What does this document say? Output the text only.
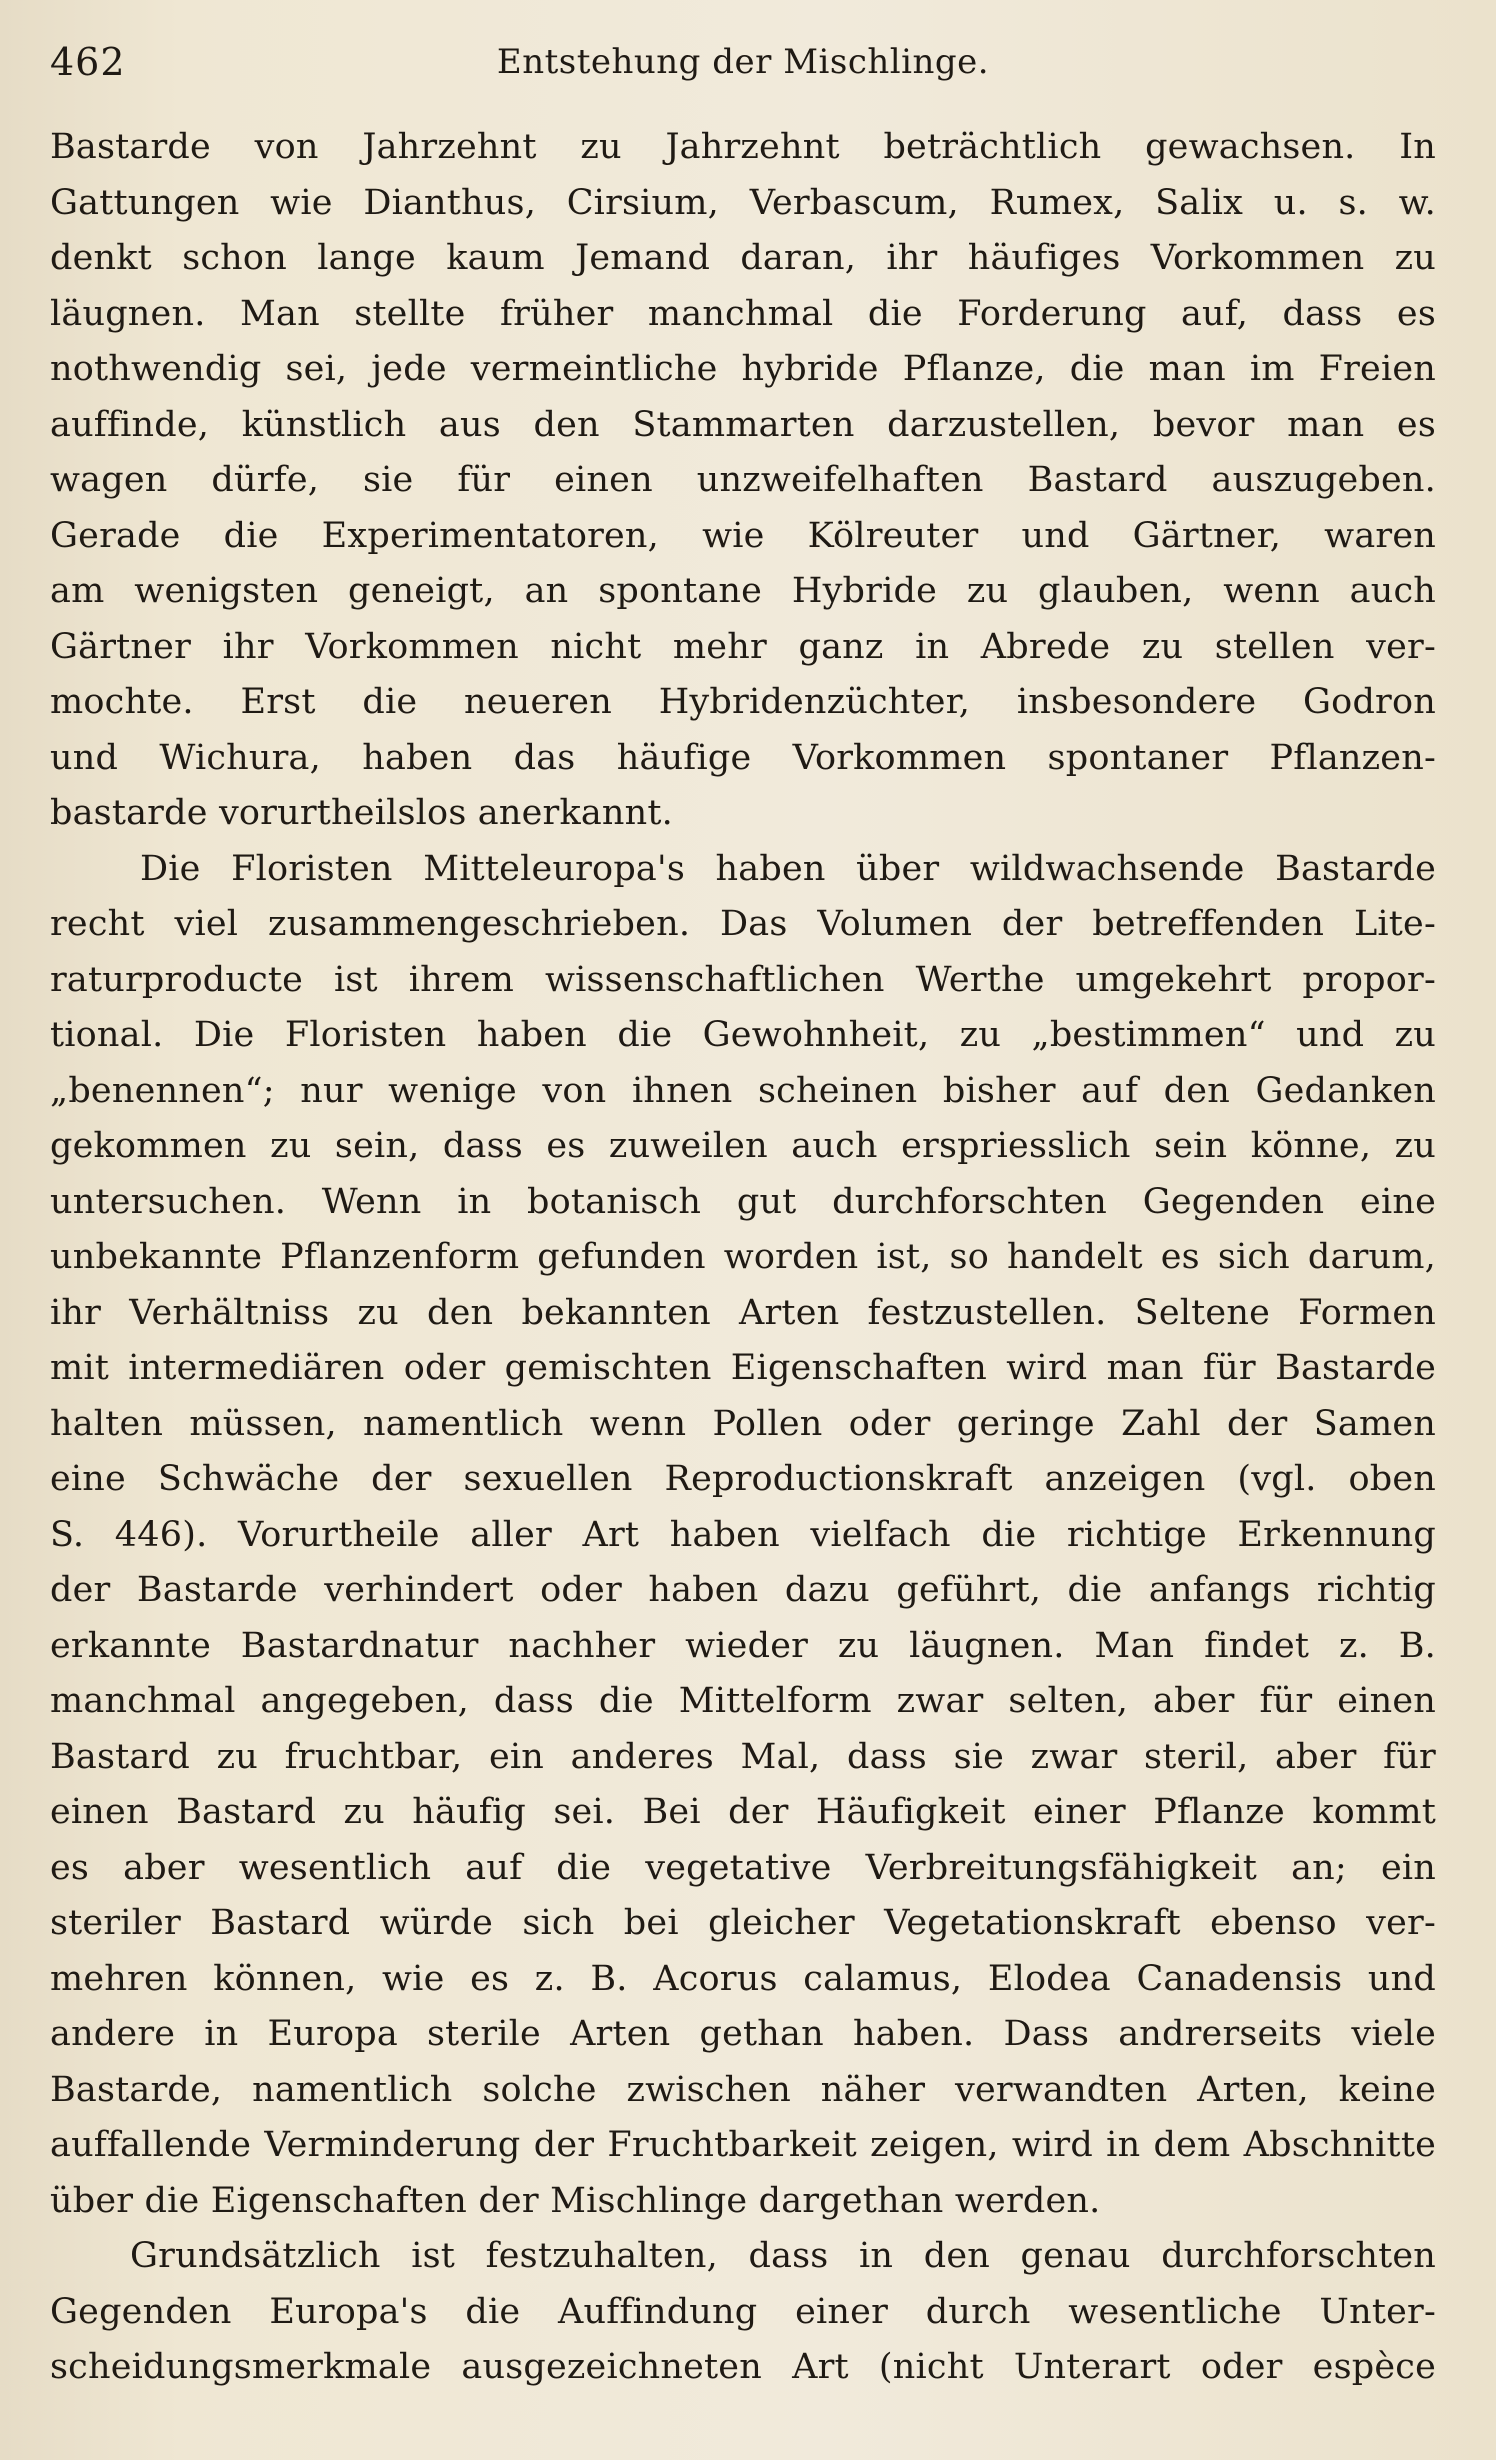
462	Entstehung der Mischlinge.
Bastarde von Jahrzehnt zu Jahrzehnt beträchtlich gewachsen. In
Gattungen wie Dianthus, Cirsium, Verbascum, Rumex, Salix u. s. w.
denkt schon lange kaum Jemand daran, ihr häufiges Vorkommen zu
läugnen. Man stellte früher manchmal die Forderung auf, dass es
nothwendig sei, jede vermeintliche hybride Pflanze, die man im Freien
auffinde, künstlich aus den Stammarten darzustellen, bevor man es
wagen dürfe, sie für einen unzweifelhaften Bastard auszugeben.
Gerade die Experimentatoren, wie Kölreuter und Gärtner, waren
am wenigsten geneigt, an spontane Hybride zu glauben, wenn auch
Gärtner ihr Vorkommen nicht mehr ganz in Abrede zu stellen ver-
mochte. Erst die neueren Hybridenzüchter, insbesondere Godron
und Wichura, haben das häufige Vorkommen spontaner Pflanzen-
bastarde vorurtheilslos anerkannt.
Die Floristen Mitteleuropa's haben über wildwachsende Bastarde
recht viel zusammengeschrieben. Das Volumen der betreffenden Lite-
raturproducte ist ihrem wissenschaftlichen Werthe umgekehrt propor-
tional. Die Floristen haben die Gewohnheit, zu „bestimmen“ und zu
„benennen“; nur wenige von ihnen scheinen bisher auf den Gedanken
gekommen zu sein, dass es zuweilen auch erspriesslich sein könne, zu
untersuchen. Wenn in botanisch gut durchforschten Gegenden eine
unbekannte Pflanzenform gefunden worden ist, so handelt es sich darum,
ihr Verhältniss zu den bekannten Arten festzustellen. Seltene Formen
mit intermediären oder gemischten Eigenschaften wird man für Bastarde
halten müssen, namentlich wenn Pollen oder geringe Zahl der Samen
eine Schwäche der sexuellen Reproductionskraft anzeigen (vgl. oben
S. 446). Vorurtheile aller Art haben vielfach die richtige Erkennung
der Bastarde verhindert oder haben dazu geführt, die anfangs richtig
erkannte Bastardnatur nachher wieder zu läugnen. Man findet z. B.
manchmal angegeben, dass die Mittelform zwar selten, aber für einen
Bastard zu fruchtbar, ein anderes Mal, dass sie zwar steril, aber für
einen Bastard zu häufig sei. Bei der Häufigkeit einer Pflanze kommt
es aber wesentlich auf die vegetative Verbreitungsfähigkeit an; ein
steriler Bastard würde sich bei gleicher Vegetationskraft ebenso ver-
mehren können, wie es z. B. Acorus calamus, Elodea Canadensis und
andere in Europa sterile Arten gethan haben. Dass andrerseits viele
Bastarde, namentlich solche zwischen näher verwandten Arten, keine
auffallende Verminderung der Fruchtbarkeit zeigen, wird in dem Abschnitte
über die Eigenschaften der Mischlinge dargethan werden.
Grundsätzlich ist festzuhalten, dass in den genau durchforschten
Gegenden Europa's die Auffindung einer durch wesentliche Unter-
scheidungsmerkmale ausgezeichneten Art (nicht Unterart oder espèce
